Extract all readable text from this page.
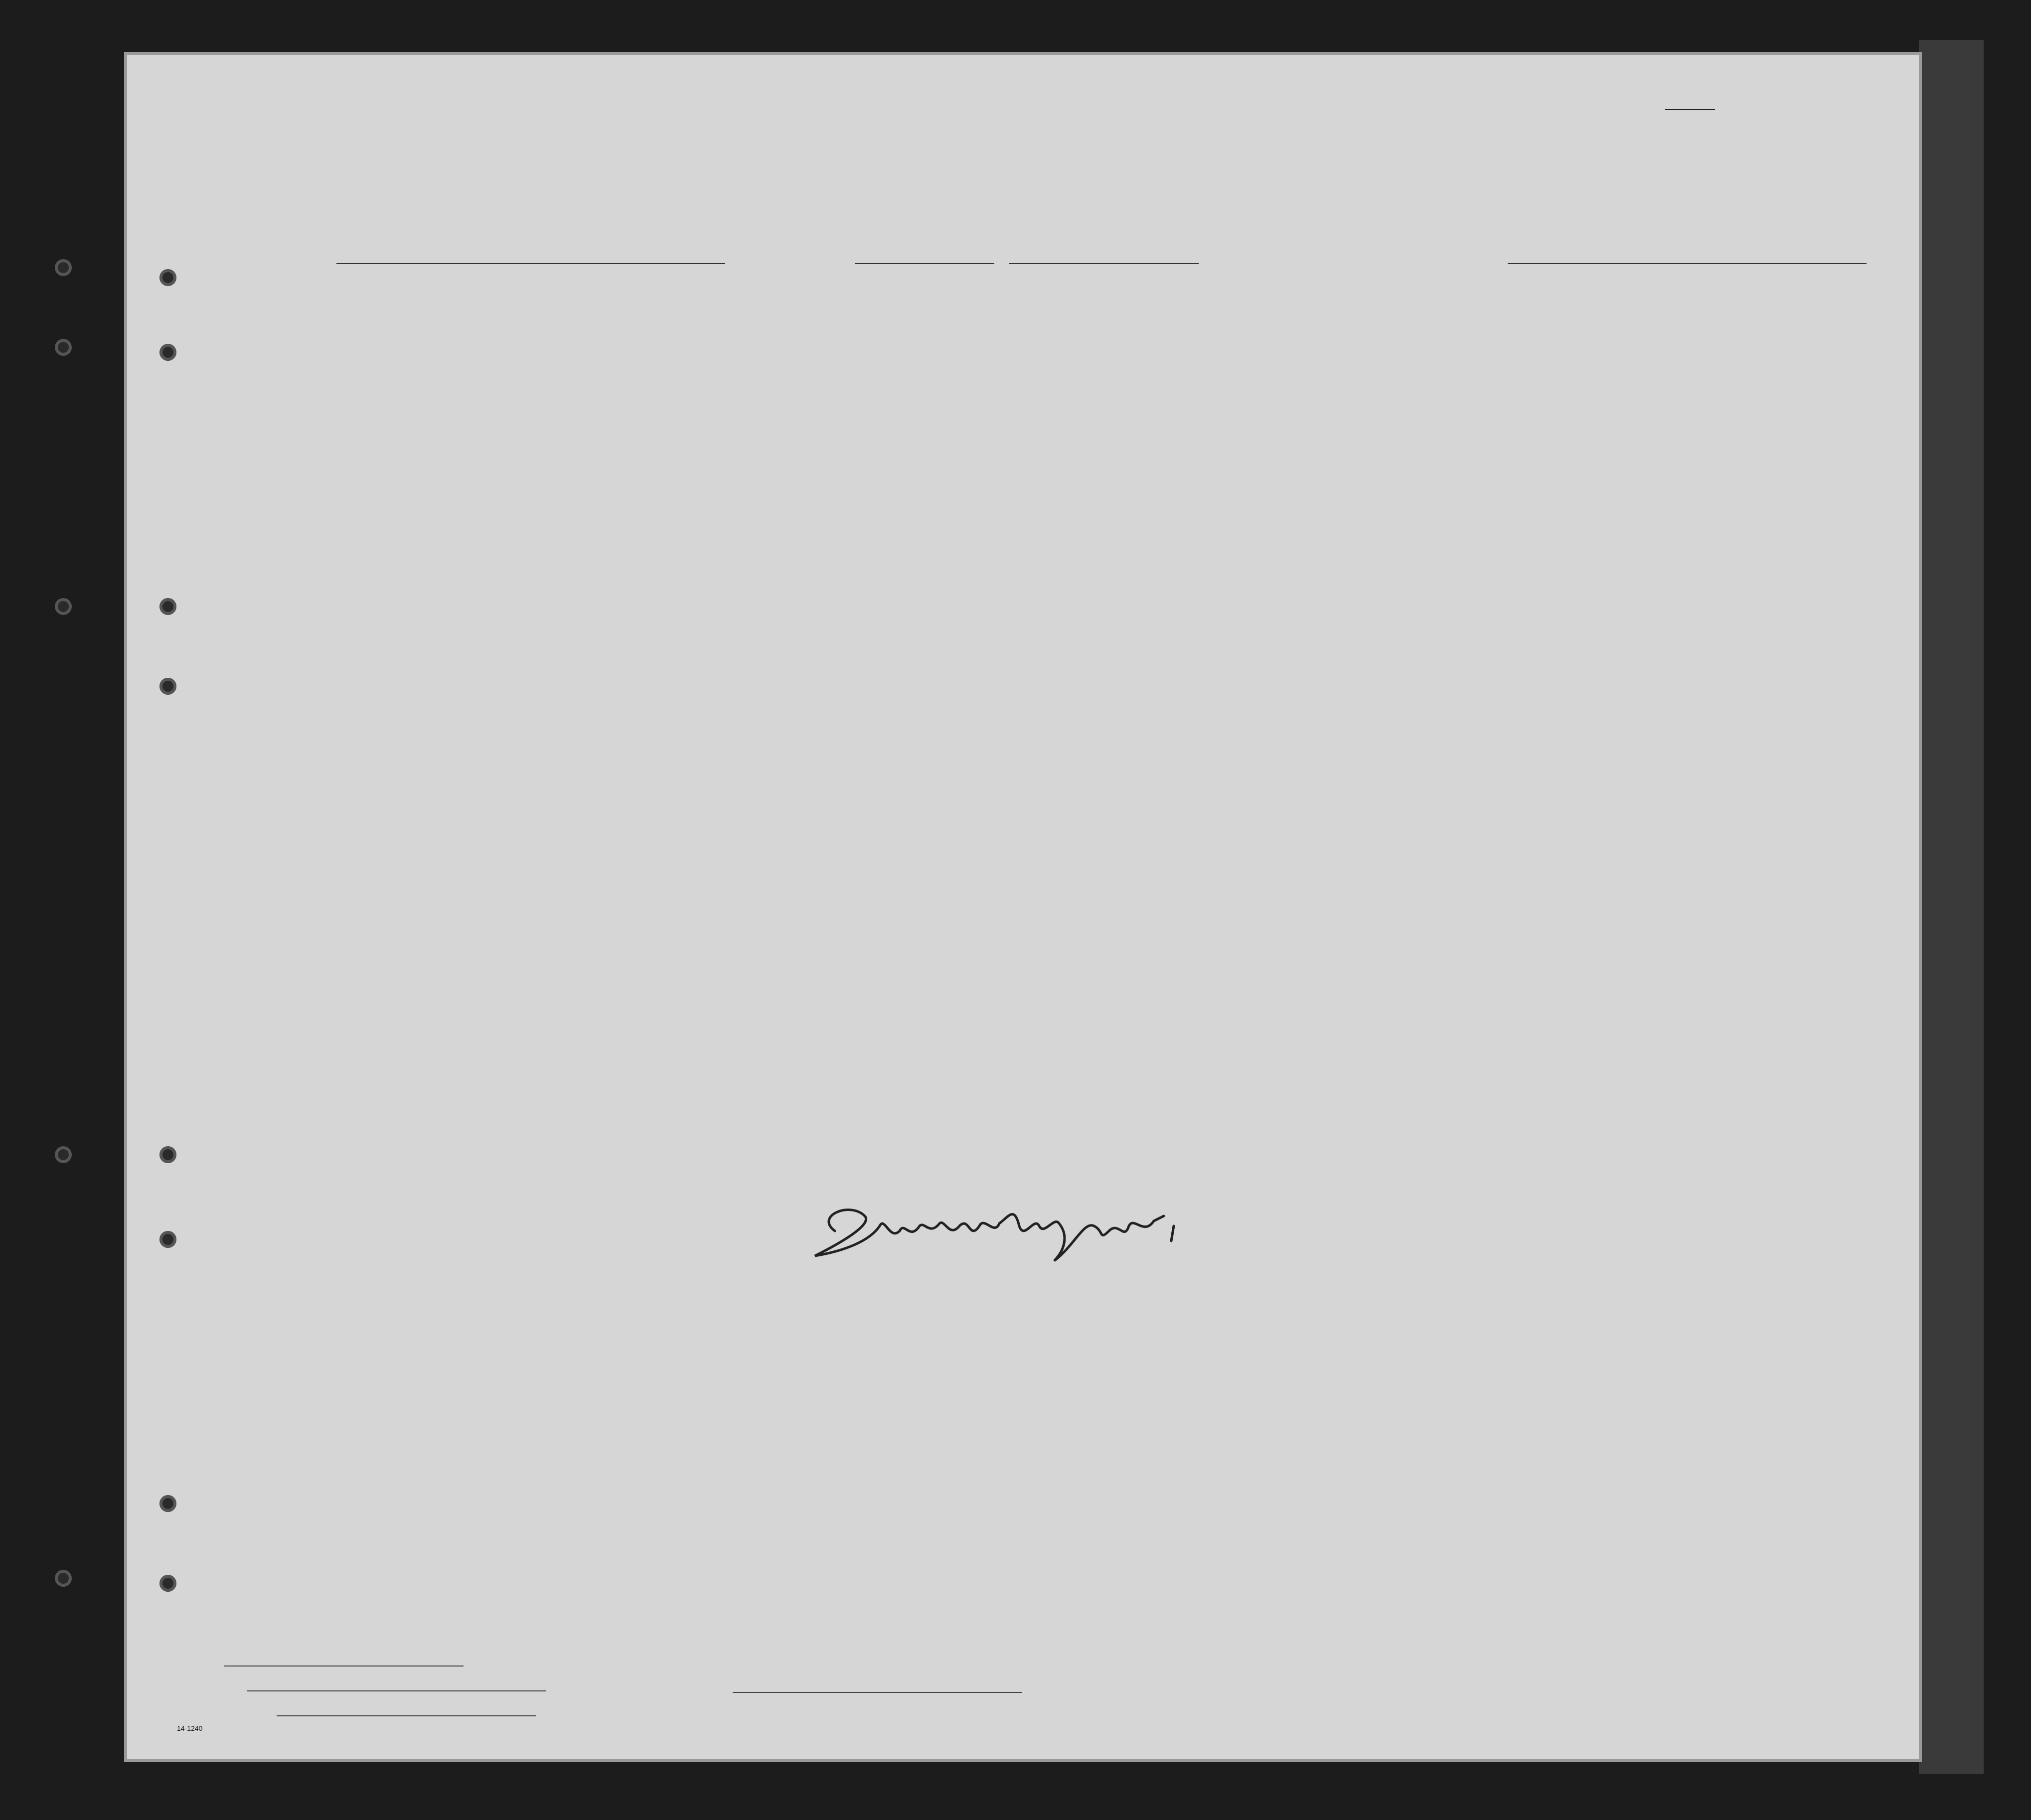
14-1240
